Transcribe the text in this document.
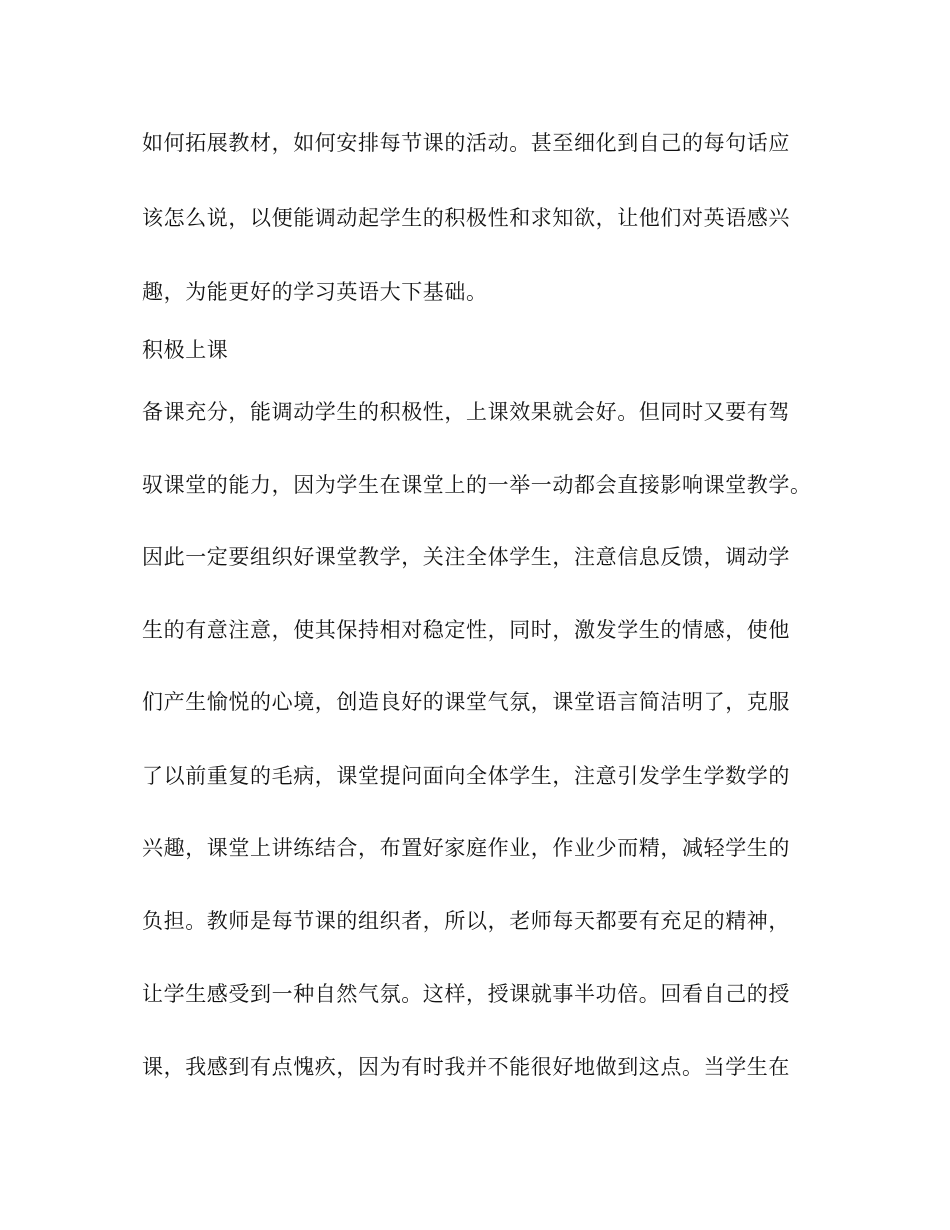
如何拓展教材，如何安排每节课的活动。甚至细化到自己的每句话应
该怎么说，以便能调动起学生的积极性和求知欲，让他们对英语感兴
趣，为能更好的学习英语大下基础。
积极上课
备课充分，能调动学生的积极性，上课效果就会好。但同时又要有驾
驭课堂的能力，因为学生在课堂上的一举一动都会直接影响课堂教学。
因此一定要组织好课堂教学，关注全体学生，注意信息反馈，调动学
生的有意注意，使其保持相对稳定性，同时，激发学生的情感，使他
们产生愉悦的心境，创造良好的课堂气氛，课堂语言简洁明了，克服
了以前重复的毛病，课堂提问面向全体学生，注意引发学生学数学的
兴趣，课堂上讲练结合，布置好家庭作业，作业少而精，减轻学生的
负担。教师是每节课的组织者，所以，老师每天都要有充足的精神，
让学生感受到一种自然气氛。这样，授课就事半功倍。回看自己的授
课，我感到有点愧疚，因为有时我并不能很好地做到这点。当学生在
